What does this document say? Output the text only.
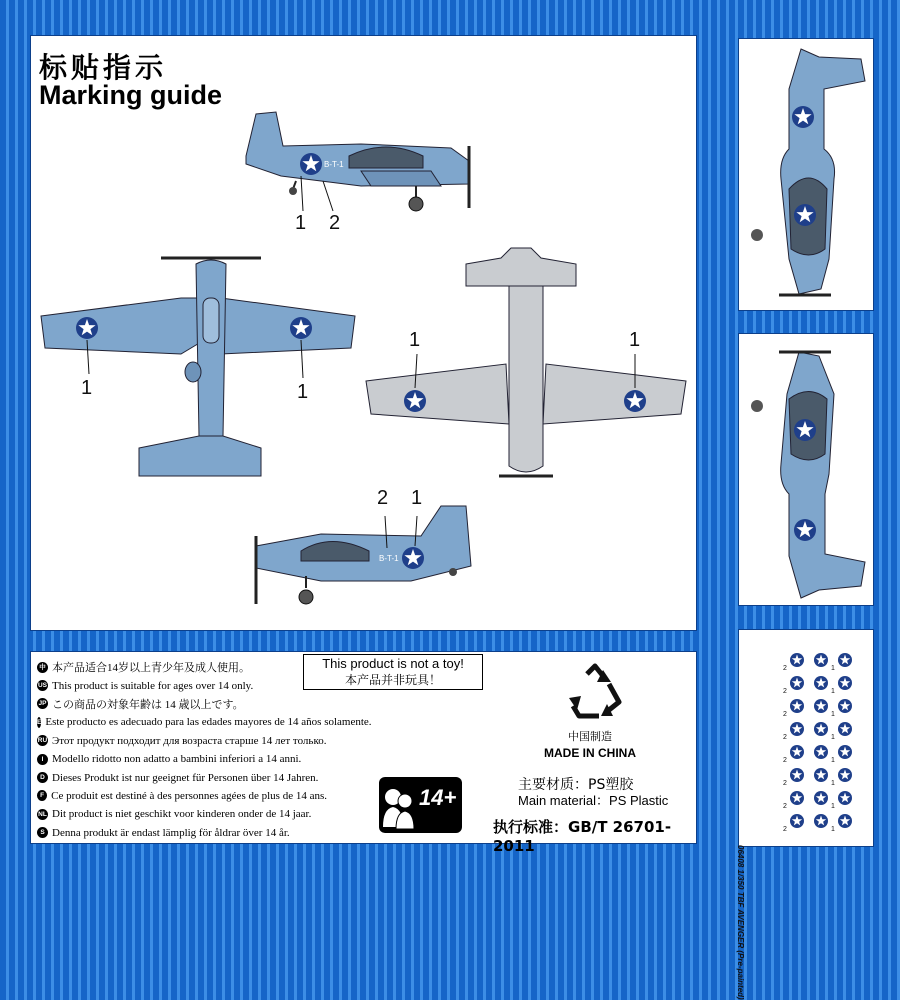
标贴指示
Marking guide
B-T-1
1 2
1	1
1	1
B-T-1
2 1
中 本产品适合14岁以上青少年及成人使用。
US This product is suitable for ages over 14 only.
JP この商品の対象年齢は 14 歳以上です。
E Este producto es adecuado para las edades mayores de 14 años solamente.
RU Этот продукт подходит для возраста старше 14 лет только.
I Modello ridotto non adatto a bambini inferiori a 14 anni.
D Dieses Produkt ist nur geeignet für Personen über 14 Jahren.
F Ce produit est destiné à des personnes agées de plus de 14 ans.
NL Dit product is niet geschikt voor kinderen onder de 14 jaar.
S Denna produkt är endast lämplig för åldrar över 14 år.
This product is not a toy!
本产品并非玩具！
14+
中国制造
MADE IN CHINA
主要材质：PS塑胶
Main material：PS Plastic
执行标准：GB/T 26701-2011	06408 1/350 TBF AVENGER (Pre-painted)
2	1
2	1
2	1
2	1
2	1
2	1
2	1
2	1
